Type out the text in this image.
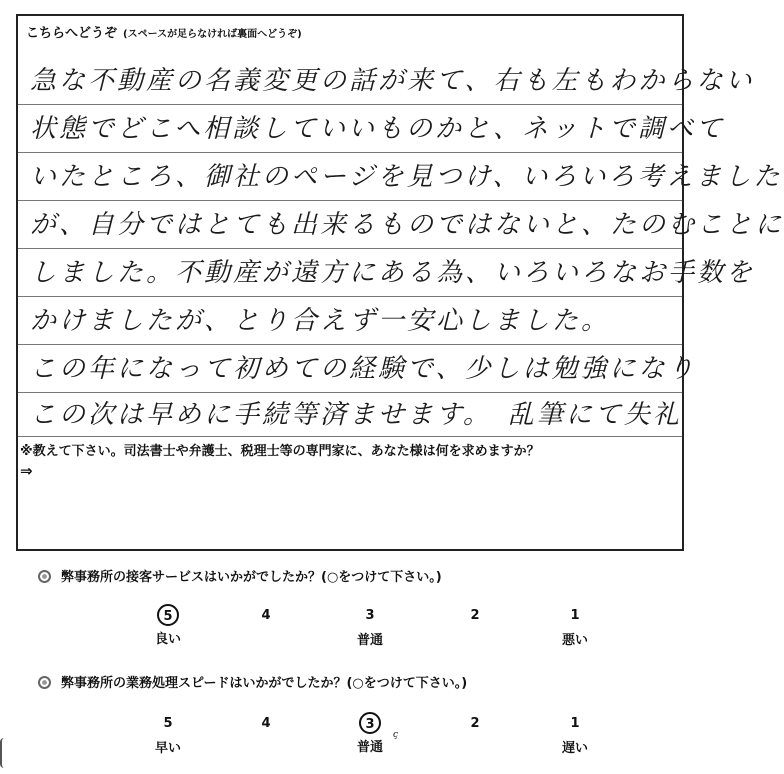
こちらへどうぞ (スペースが足らなければ裏面へどうぞ)
急な不動産の名義変更の話が来て、右も左もわからない
状態でどこへ相談していいものかと、ネットで調べて
いたところ、御社のページを見つけ、いろいろ考えました
が、自分ではとても出来るものではないと、たのむことに
しました。不動産が遠方にある為、いろいろなお手数を
かけましたが、とり合えず一安心しました。
この年になって初めての経験で、少しは勉強になり
この次は早めに手続等済ませます。　乱筆にて失礼
※教えて下さい。司法書士や弁護士、税理士等の専門家に、あなた様は何を求めますか？
⇒
弊事務所の接客サービスはいかがでしたか？(○をつけて下さい。)
5
良い
4	3
普通
2	1
悪い
弊事務所の業務処理スピードはいかがでしたか？(○をつけて下さい。)
5
早い
4	3
普通
2	1
遅い
ҫ
